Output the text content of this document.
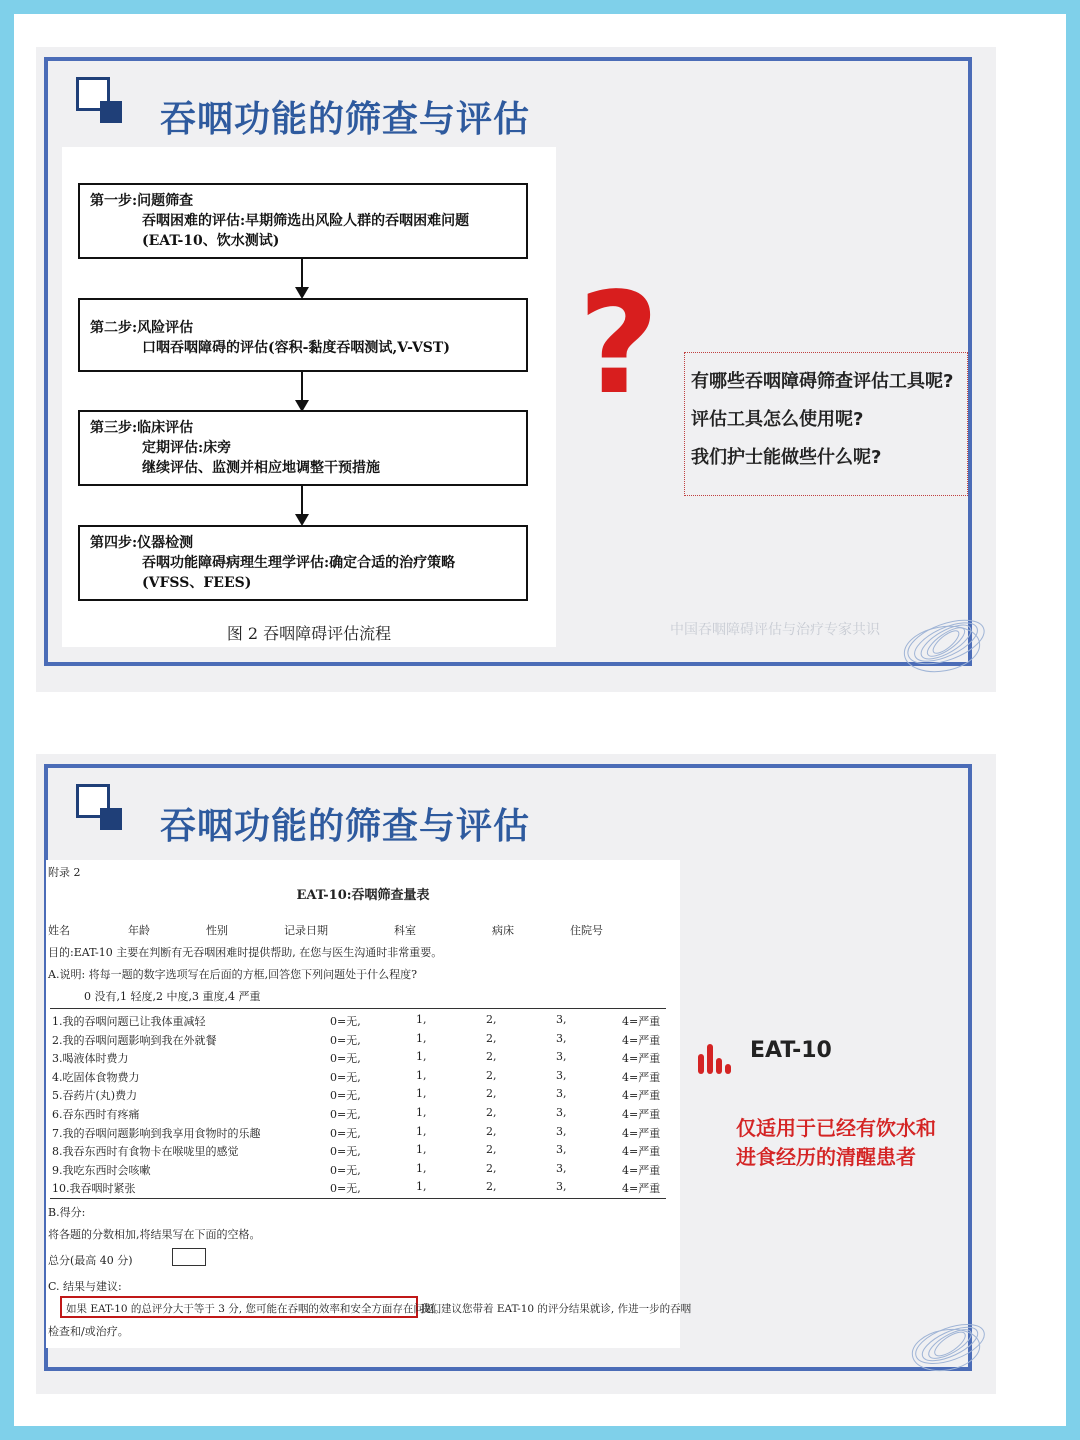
吞咽功能的筛查与评估
第一步:问题筛查
吞咽困难的评估:早期筛选出风险人群的吞咽困难问题
(EAT-10、饮水测试)
第二步:风险评估
口咽吞咽障碍的评估(容积-黏度吞咽测试,V-VST)
第三步:临床评估
定期评估:床旁
继续评估、监测并相应地调整干预措施
第四步:仪器检测
吞咽功能障碍病理生理学评估:确定合适的治疗策略
(VFSS、FEES)
图 2 吞咽障碍评估流程
? 有哪些吞咽障碍筛查评估工具呢?
评估工具怎么使用呢?
我们护士能做些什么呢?
中国吞咽障碍评估与治疗专家共识
吞咽功能的筛查与评估
附录 2
EAT-10:吞咽筛查量表
姓名	年龄	性别	记录日期	科室	病床	住院号
目的:EAT-10 主要在判断有无吞咽困难时提供帮助, 在您与医生沟通时非常重要。
A.说明: 将每一题的数字选项写在后面的方框,回答您下列问题处于什么程度?
0 没有,1 轻度,2 中度,3 重度,4 严重
1.我的吞咽问题已让我体重减轻	0=无,	1,	2,	3,	4=严重
2.我的吞咽问题影响到我在外就餐	0=无,	1,	2,	3,	4=严重
3.喝液体时费力	0=无,	1,	2,	3,	4=严重
4.吃固体食物费力	0=无,	1,	2,	3,	4=严重
5.吞药片(丸)费力	0=无,	1,	2,	3,	4=严重
6.吞东西时有疼痛	0=无,	1,	2,	3,	4=严重
7.我的吞咽问题影响到我享用食物时的乐趣	0=无,	1,	2,	3,	4=严重
8.我吞东西时有食物卡在喉咙里的感觉	0=无,	1,	2,	3,	4=严重
9.我吃东西时会咳嗽	0=无,	1,	2,	3,	4=严重
10.我吞咽时紧张	0=无,	1,	2,	3,	4=严重
B.得分:
将各题的分数相加,将结果写在下面的空格。
总分(最高 40 分)
C. 结果与建议:
如果 EAT-10 的总评分大于等于 3 分, 您可能在吞咽的效率和安全方面存在问题。
我们建议您带着 EAT-10 的评分结果就诊, 作进一步的吞咽
检查和/或治疗。
EAT-10
仅适用于已经有饮水和
进食经历的清醒患者
